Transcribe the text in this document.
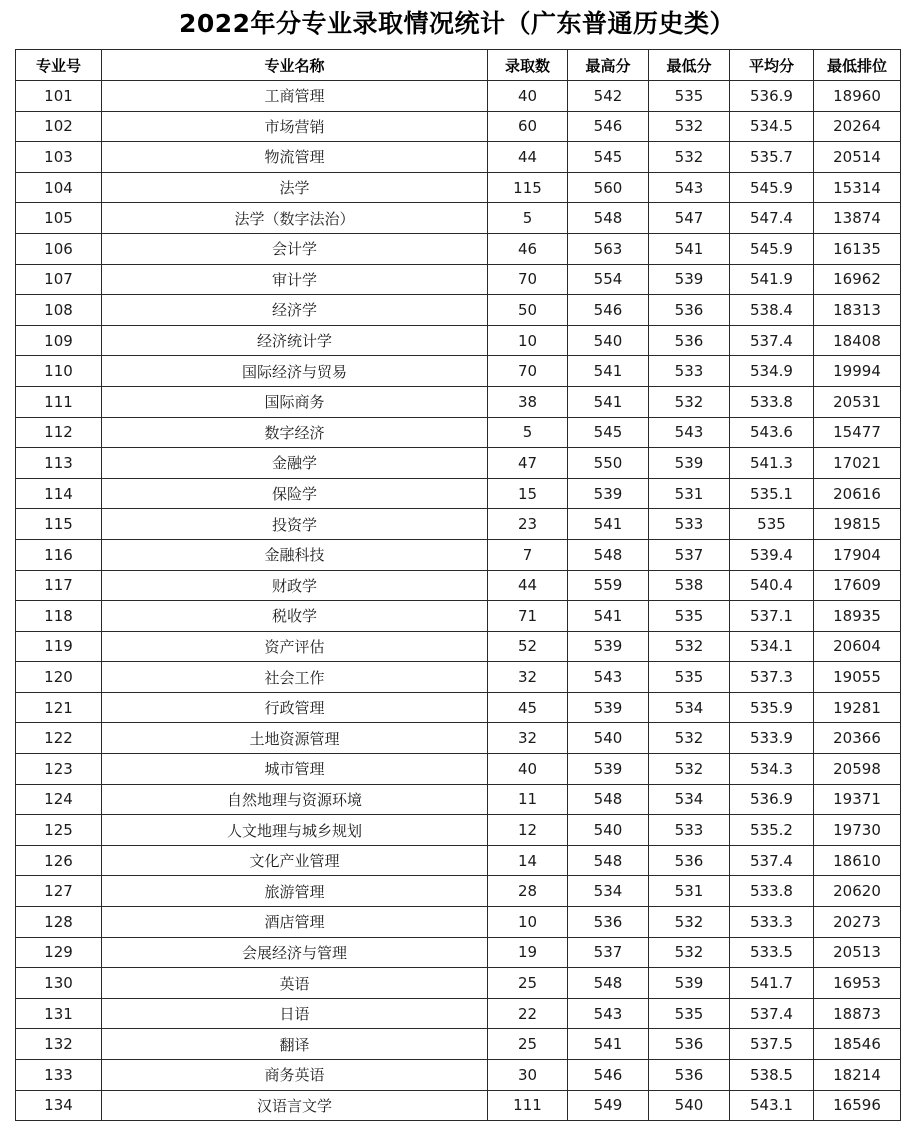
2022年分专业录取情况统计（广东普通历史类）
专业号	专业名称	录取数	最高分	最低分	平均分	最低排位
101	工商管理	40	542	535	536.9	18960
102	市场营销	60	546	532	534.5	20264
103	物流管理	44	545	532	535.7	20514
104	法学	115	560	543	545.9	15314
105	法学（数字法治）	5	548	547	547.4	13874
106	会计学	46	563	541	545.9	16135
107	审计学	70	554	539	541.9	16962
108	经济学	50	546	536	538.4	18313
109	经济统计学	10	540	536	537.4	18408
110	国际经济与贸易	70	541	533	534.9	19994
111	国际商务	38	541	532	533.8	20531
112	数字经济	5	545	543	543.6	15477
113	金融学	47	550	539	541.3	17021
114	保险学	15	539	531	535.1	20616
115	投资学	23	541	533	535	19815
116	金融科技	7	548	537	539.4	17904
117	财政学	44	559	538	540.4	17609
118	税收学	71	541	535	537.1	18935
119	资产评估	52	539	532	534.1	20604
120	社会工作	32	543	535	537.3	19055
121	行政管理	45	539	534	535.9	19281
122	土地资源管理	32	540	532	533.9	20366
123	城市管理	40	539	532	534.3	20598
124	自然地理与资源环境	11	548	534	536.9	19371
125	人文地理与城乡规划	12	540	533	535.2	19730
126	文化产业管理	14	548	536	537.4	18610
127	旅游管理	28	534	531	533.8	20620
128	酒店管理	10	536	532	533.3	20273
129	会展经济与管理	19	537	532	533.5	20513
130	英语	25	548	539	541.7	16953
131	日语	22	543	535	537.4	18873
132	翻译	25	541	536	537.5	18546
133	商务英语	30	546	536	538.5	18214
134	汉语言文学	111	549	540	543.1	16596
